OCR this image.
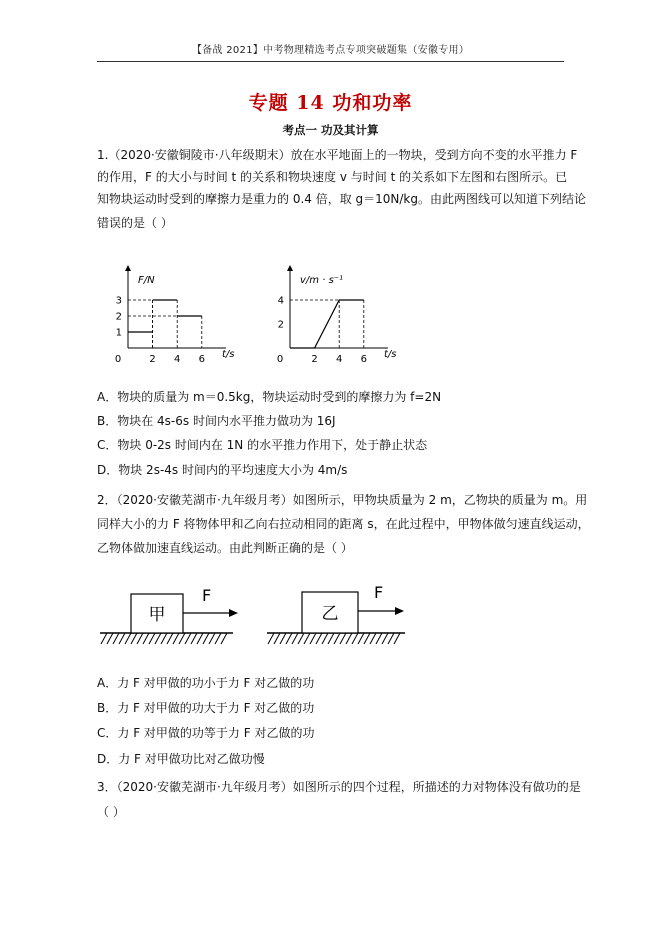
【备战 2021】中考物理精选考点专项突破题集（安徽专用）
专题 14 功和功率
考点一 功及其计算
1.（2020·安徽铜陵市·八年级期末）放在水平地面上的一物块，受到方向不变的水平推力 F
的作用，F 的大小与时间 t 的关系和物块速度 v 与时间 t 的关系如下左图和右图所示。已
知物块运动时受到的摩擦力是重力的 0.4 倍，取 g＝10N/kg。由此两图线可以知道下列结论
错误的是（ ）
0	2 4 6
1
2
3
F/N
t/s	0	2 4 6
2
4
v/m · s⁻¹
t/s
A．物块的质量为 m＝0.5kg，物块运动时受到的摩擦力为 f=2N
B．物块在 4s-6s 时间内水平推力做功为 16J
C．物块 0-2s 时间内在 1N 的水平推力作用下，处于静止状态
D．物块 2s-4s 时间内的平均速度大小为 4m/s
2．（2020·安徽芜湖市·九年级月考）如图所示，甲物块质量为 2 m，乙物块的质量为 m。用
同样大小的力 F 将物体甲和乙向右拉动相同的距离 s，在此过程中，甲物体做匀速直线运动，
乙物体做加速直线运动。由此判断正确的是（ ）
甲
F
乙
F
A．力 F 对甲做的功小于力 F 对乙做的功
B．力 F 对甲做的功大于力 F 对乙做的功
C．力 F 对甲做的功等于力 F 对乙做的功
D．力 F 对甲做功比对乙做功慢
3．（2020·安徽芜湖市·九年级月考）如图所示的四个过程，所描述的力对物体没有做功的是
（ ）
